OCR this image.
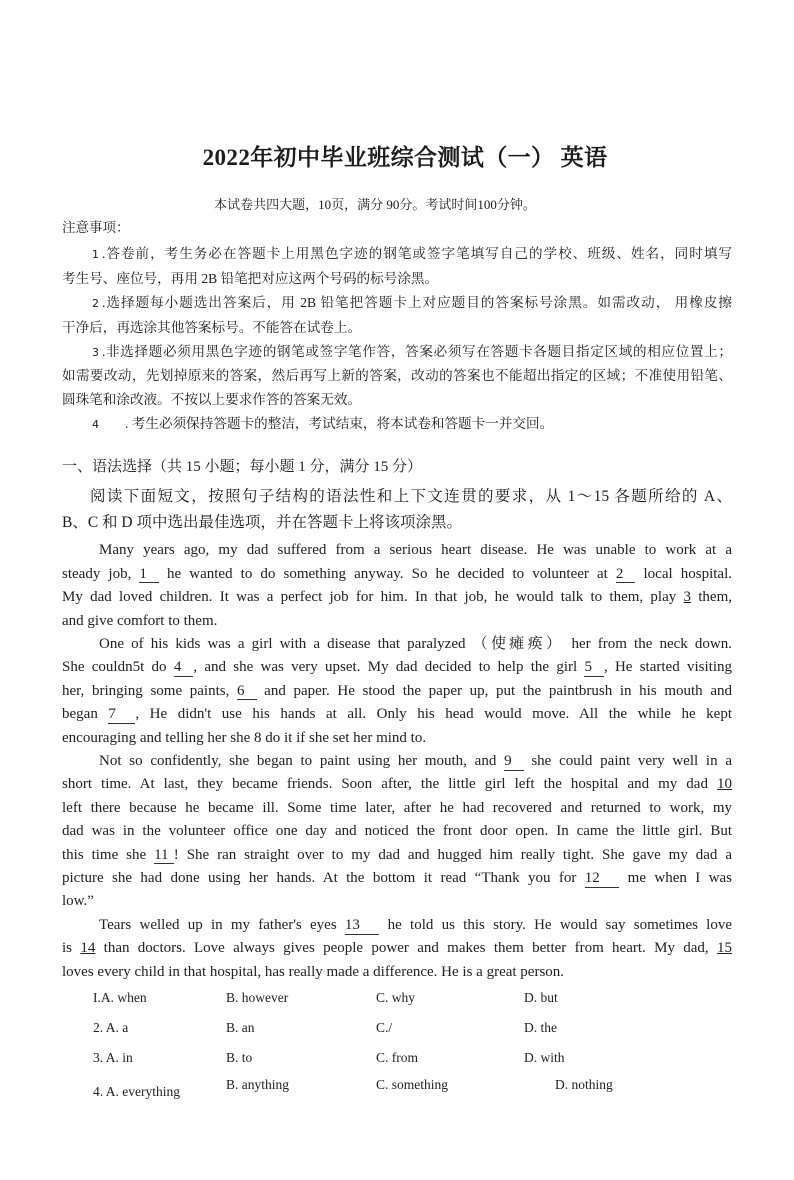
2022年初中毕业班综合测试（一） 英语
本试卷共四大题，10页，满分 90分。考试时间100分钟。
注意事项：
1 .答卷前，考生务必在答题卡上用黑色字迹的钢笔或签字笔填写自己的学校、班级、姓名，同时填写
考生号、座位号，再用 2B 铅笔把对应这两个号码的标号涂黑。
2 .选择题每小题选出答案后，用 2B 铅笔把答题卡上对应题目的答案标号涂黑。如需改动， 用橡皮擦
干净后，再选涂其他答案标号。不能答在试卷上。
3 .非选择题必须用黑色字迹的钢笔或签字笔作答，答案必须写在答题卡各题目指定区域的相应位置上；
如需要改动，先划掉原来的答案，然后再写上新的答案，改动的答案也不能超出指定的区域；不准使用铅笔、
圆珠笔和涂改液。不按以上要求作答的答案无效。
4 . 考生必须保持答题卡的整洁，考试结束，将本试卷和答题卡一并交回。
一、语法选择（共 15 小题；每小题 1 分，满分 15 分）
阅读下面短文，按照句子结构的语法性和上下文连贯的要求，从 1～15 各题所给的 A、
B、C 和 D 项中选出最佳选项，并在答题卡上将该项涂黑。
Many years ago, my dad suffered from a serious heart disease. He was unable to work at a
steady job, 1 he wanted to do something anyway. So he decided to volunteer at 2 local hospital.
My dad loved children. It was a perfect job for him. In that job, he would talk to them, play 3 them,
and give comfort to them.
One of his kids was a girl with a disease that paralyzed （使瘫痪） her from the neck down.
She couldn5t do 4 , and she was very upset. My dad decided to help the girl 5 , He started visiting
her, bringing some paints, 6 and paper. He stood the paper up, put the paintbrush in his mouth and
began 7 , He didn't use his hands at all. Only his head would move. All the while he kept
encouraging and telling her she 8 do it if she set her mind to.
Not so confidently, she began to paint using her mouth, and 9 she could paint very well in a
short time. At last, they became friends. Soon after, the little girl left the hospital and my dad 10
left there because he became ill. Some time later, after he had recovered and returned to work, my
dad was in the volunteer office one day and noticed the front door open. In came the little girl. But
this time she 11 ! She ran straight over to my dad and hugged him really tight. She gave my dad a
picture she had done using her hands. At the bottom it read “Thank you for 12 me when I was
low.”
Tears welled up in my father's eyes 13 he told us this story. He would say sometimes love
is 14 than doctors. Love always gives people power and makes them better from heart. My dad, 15
loves every child in that hospital, has really made a difference. He is a great person.
I.A. when	B. however	C. why	D. but
2. A. a	B. an	C./	D. the
3. A. in	B. to	C. from	D. with
4. A. everything	B. anything	C. something	D. nothing
